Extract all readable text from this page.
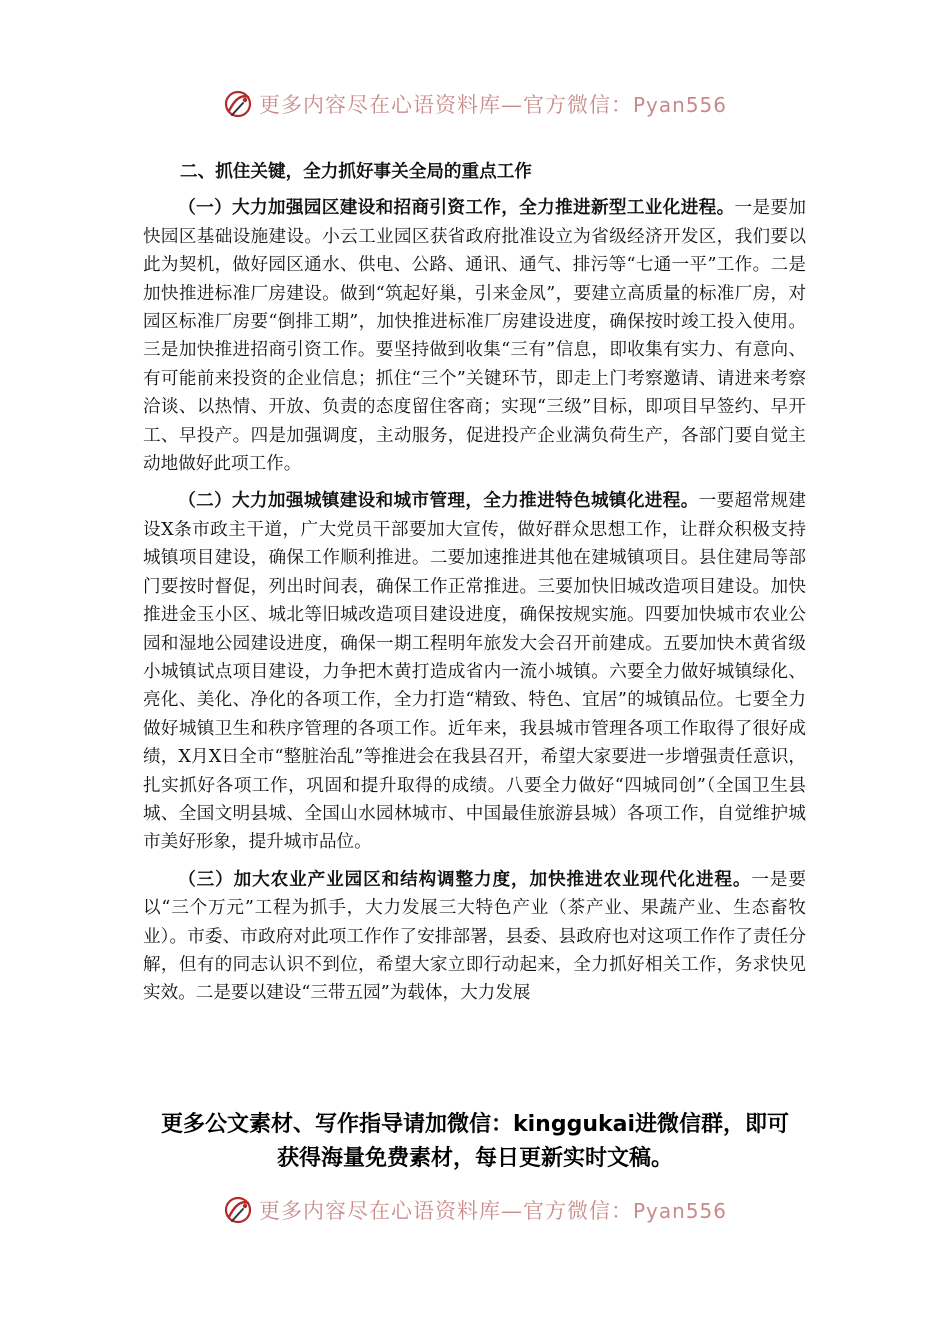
更多内容尽在心语资料库—官方微信：Pyan556
二、抓住关键，全力抓好事关全局的重点工作

（一）大力加强园区建设和招商引资工作，全力推进新型工业化进程。一是要加快园区基础设施建设。小云工业园区获省政府批准设立为省级经济开发区，我们要以此为契机，做好园区通水、供电、公路、通讯、通气、排污等“七通一平”工作。二是加快推进标准厂房建设。做到“筑起好巢，引来金凤”，要建立高质量的标准厂房，对园区标准厂房要“倒排工期”，加快推进标准厂房建设进度，确保按时竣工投入使用。三是加快推进招商引资工作。要坚持做到收集“三有”信息，即收集有实力、有意向、有可能前来投资的企业信息；抓住“三个”关键环节，即走上门考察邀请、请进来考察洽谈、以热情、开放、负责的态度留住客商；实现“三级”目标，即项目早签约、早开工、早投产。四是加强调度，主动服务，促进投产企业满负荷生产，各部门要自觉主动地做好此项工作。

（二）大力加强城镇建设和城市管理，全力推进特色城镇化进程。一要超常规建设X条市政主干道，广大党员干部要加大宣传，做好群众思想工作，让群众积极支持城镇项目建设，确保工作顺利推进。二要加速推进其他在建城镇项目。县住建局等部门要按时督促，列出时间表，确保工作正常推进。三要加快旧城改造项目建设。加快推进金玉小区、城北等旧城改造项目建设进度，确保按规实施。四要加快城市农业公园和湿地公园建设进度，确保一期工程明年旅发大会召开前建成。五要加快木黄省级小城镇试点项目建设，力争把木黄打造成省内一流小城镇。六要全力做好城镇绿化、亮化、美化、净化的各项工作，全力打造“精致、特色、宜居”的城镇品位。七要全力做好城镇卫生和秩序管理的各项工作。近年来，我县城市管理各项工作取得了很好成绩，X月X日全市“整脏治乱”等推进会在我县召开，希望大家要进一步增强责任意识，扎实抓好各项工作，巩固和提升取得的成绩。八要全力做好“四城同创”（全国卫生县城、全国文明县城、全国山水园林城市、中国最佳旅游县城）各项工作，自觉维护城市美好形象，提升城市品位。

（三）加大农业产业园区和结构调整力度，加快推进农业现代化进程。一是要以“三个万元”工程为抓手，大力发展三大特色产业（茶产业、果蔬产业、生态畜牧业）。市委、市政府对此项工作作了安排部署，县委、县政府也对这项工作作了责任分解，但有的同志认识不到位，希望大家立即行动起来，全力抓好相关工作，务求快见实效。二是要以建设“三带五园”为载体，大力发展

更多公文素材、写作指导请加微信：kinggukai进微信群，即可
获得海量免费素材，每日更新实时文稿。
更多内容尽在心语资料库—官方微信：Pyan556
